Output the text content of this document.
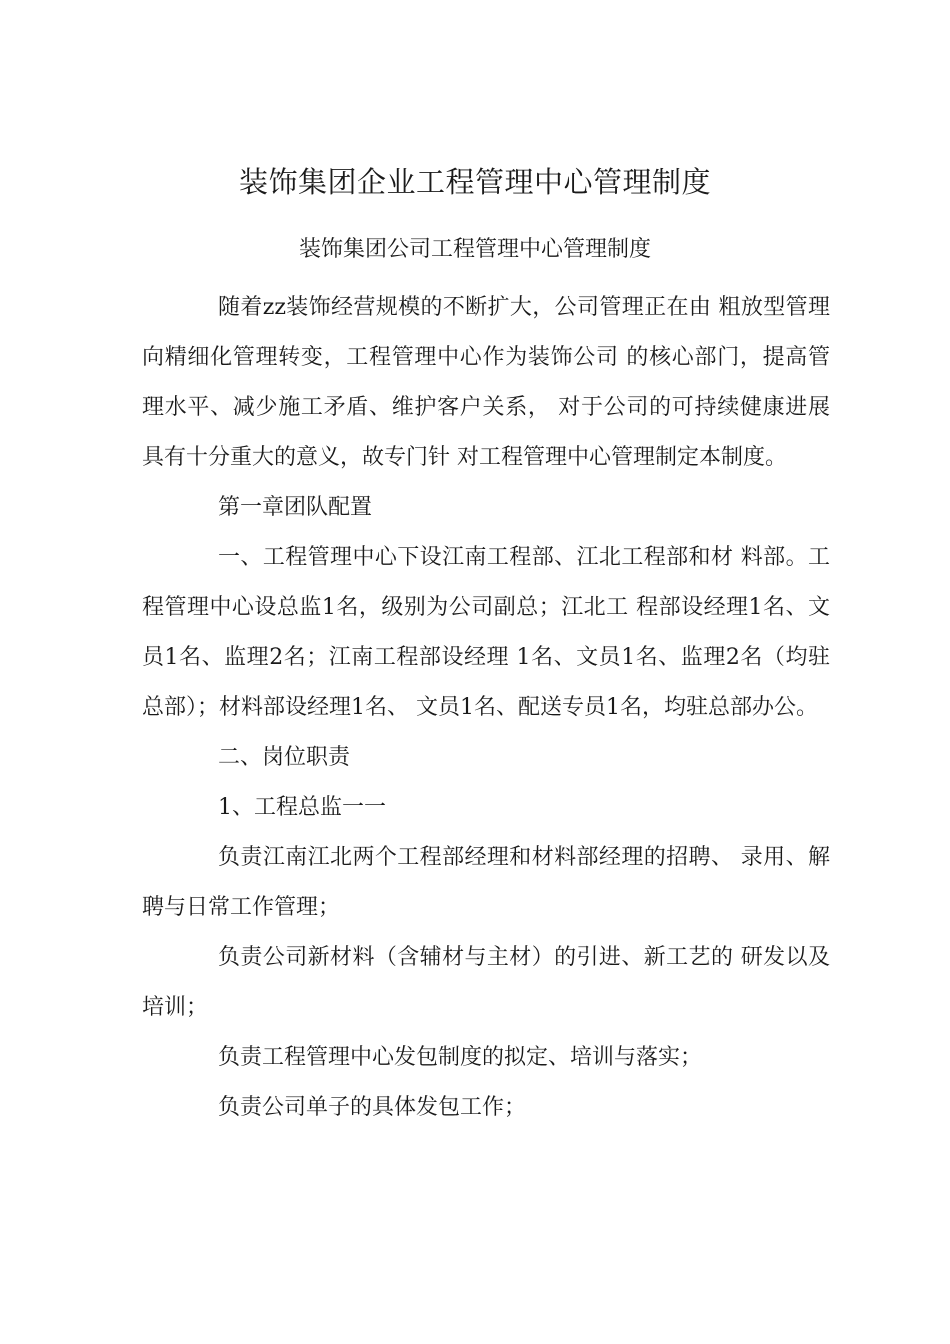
装饰集团企业工程管理中心管理制度
装饰集团公司工程管理中心管理制度

随着zz装饰经营规模的不断扩大，公司管理正在由 粗放型管理向精细化管理转变，工程管理中心作为装饰公司 的核心部门，提高管理水平、减少施工矛盾、维护客户关系， 对于公司的可持续健康进展具有十分重大的意义，故专门针 对工程管理中心管理制定本制度。

第一章团队配置

一、工程管理中心下设江南工程部、江北工程部和材 料部。工程管理中心设总监1名，级别为公司副总；江北工 程部设经理1名、文员1名、监理2名；江南工程部设经理 1名、文员1名、监理2名（均驻总部）；材料部设经理1名、 文员1名、配送专员1名，均驻总部办公。

二、岗位职责

1、工程总监一一

负责江南江北两个工程部经理和材料部经理的招聘、 录用、解聘与日常工作管理；

负责公司新材料（含辅材与主材）的引进、新工艺的 研发以及培训；

负责工程管理中心发包制度的拟定、培训与落实；

负责公司单子的具体发包工作；
